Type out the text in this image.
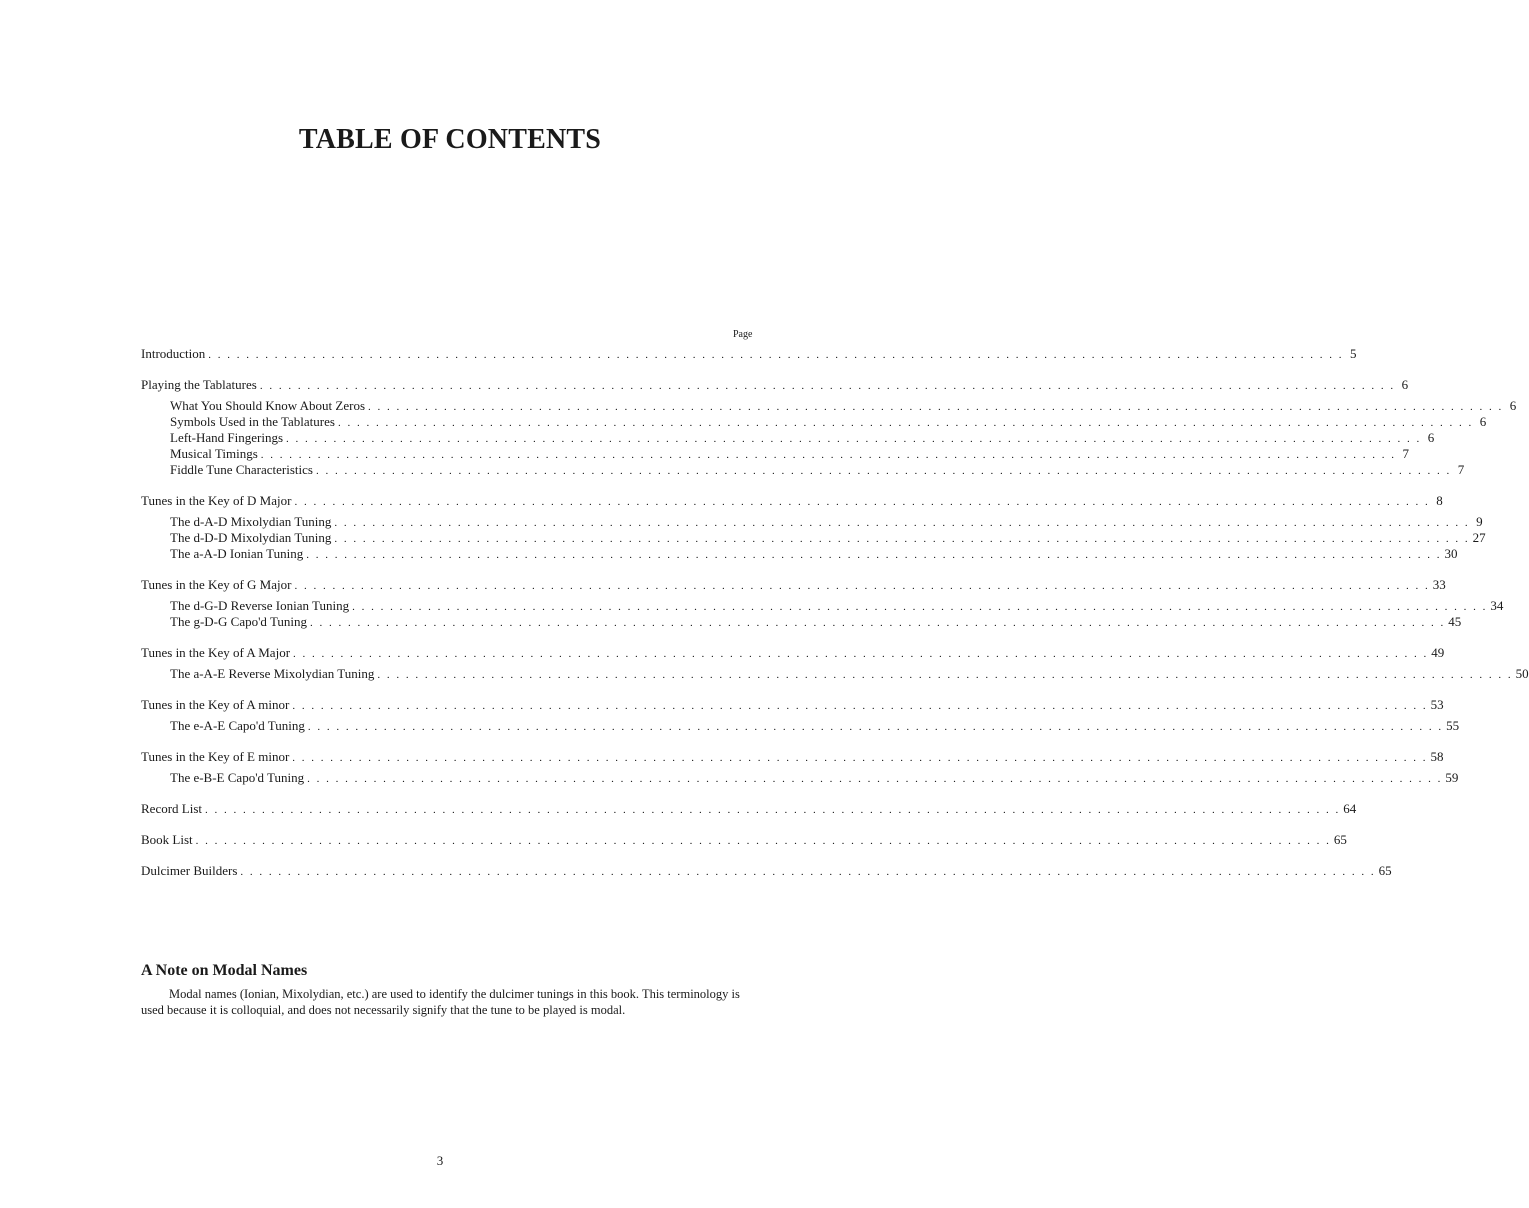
TABLE OF CONTENTS
Page
Introduction . . . . . . . . . . . . . . . . . . . . . . . . . . . . . . . . . . . . . . . . . . . . . . . . . . . . . . . . . . . . . . . . . . . . . . . . . . . . . . . . . . . . . . . . . . . . . . . . . . . . . . . . . . . . . . . . . . . . . . . . 5
Playing the Tablatures . . . . . . . . . . . . . . . . . . . . . . . . . . . . . . . . . . . . . . . . . . . . . . . . . . . . . . . . . . . . . . . . . . . . . . . . . . . . . . . . . . . . . . . . . . . . . . . . . . . . . . . . . . . . . . . . . . . . . . . . 6
What You Should Know About Zeros . . . . . . . . . . . . . . . . . . . . . . . . . . . . . . . . . . . . . . . . . . . . . . . . . . . . . . . . . . . . . . . . . . . . . . . . . . . . . . . . . . . . . . . . . . . . . . . . . . . . . . . . . . . . . . . . . . . . . . . . 6
Symbols Used in the Tablatures . . . . . . . . . . . . . . . . . . . . . . . . . . . . . . . . . . . . . . . . . . . . . . . . . . . . . . . . . . . . . . . . . . . . . . . . . . . . . . . . . . . . . . . . . . . . . . . . . . . . . . . . . . . . . . . . . . . . . . . . 6
Left-Hand Fingerings . . . . . . . . . . . . . . . . . . . . . . . . . . . . . . . . . . . . . . . . . . . . . . . . . . . . . . . . . . . . . . . . . . . . . . . . . . . . . . . . . . . . . . . . . . . . . . . . . . . . . . . . . . . . . . . . . . . . . . . . 6
Musical Timings . . . . . . . . . . . . . . . . . . . . . . . . . . . . . . . . . . . . . . . . . . . . . . . . . . . . . . . . . . . . . . . . . . . . . . . . . . . . . . . . . . . . . . . . . . . . . . . . . . . . . . . . . . . . . . . . . . . . . . . . 7
Fiddle Tune Characteristics . . . . . . . . . . . . . . . . . . . . . . . . . . . . . . . . . . . . . . . . . . . . . . . . . . . . . . . . . . . . . . . . . . . . . . . . . . . . . . . . . . . . . . . . . . . . . . . . . . . . . . . . . . . . . . . . . . . . . . . . 7
Tunes in the Key of D Major . . . . . . . . . . . . . . . . . . . . . . . . . . . . . . . . . . . . . . . . . . . . . . . . . . . . . . . . . . . . . . . . . . . . . . . . . . . . . . . . . . . . . . . . . . . . . . . . . . . . . . . . . . . . . . . . . . . . . . . . 8
The d-A-D Mixolydian Tuning . . . . . . . . . . . . . . . . . . . . . . . . . . . . . . . . . . . . . . . . . . . . . . . . . . . . . . . . . . . . . . . . . . . . . . . . . . . . . . . . . . . . . . . . . . . . . . . . . . . . . . . . . . . . . . . . . . . . . . . . 9
The d-D-D Mixolydian Tuning . . . . . . . . . . . . . . . . . . . . . . . . . . . . . . . . . . . . . . . . . . . . . . . . . . . . . . . . . . . . . . . . . . . . . . . . . . . . . . . . . . . . . . . . . . . . . . . . . . . . . . . . . . . . . . . . . . . . . . . . 27
The a-A-D Ionian Tuning . . . . . . . . . . . . . . . . . . . . . . . . . . . . . . . . . . . . . . . . . . . . . . . . . . . . . . . . . . . . . . . . . . . . . . . . . . . . . . . . . . . . . . . . . . . . . . . . . . . . . . . . . . . . . . . . . . . . . . . . 30
Tunes in the Key of G Major . . . . . . . . . . . . . . . . . . . . . . . . . . . . . . . . . . . . . . . . . . . . . . . . . . . . . . . . . . . . . . . . . . . . . . . . . . . . . . . . . . . . . . . . . . . . . . . . . . . . . . . . . . . . . . . . . . . . . . . . 33
The d-G-D Reverse Ionian Tuning . . . . . . . . . . . . . . . . . . . . . . . . . . . . . . . . . . . . . . . . . . . . . . . . . . . . . . . . . . . . . . . . . . . . . . . . . . . . . . . . . . . . . . . . . . . . . . . . . . . . . . . . . . . . . . . . . . . . . . . . 34
The g-D-G Capo'd Tuning . . . . . . . . . . . . . . . . . . . . . . . . . . . . . . . . . . . . . . . . . . . . . . . . . . . . . . . . . . . . . . . . . . . . . . . . . . . . . . . . . . . . . . . . . . . . . . . . . . . . . . . . . . . . . . . . . . . . . . . . 45
Tunes in the Key of A Major . . . . . . . . . . . . . . . . . . . . . . . . . . . . . . . . . . . . . . . . . . . . . . . . . . . . . . . . . . . . . . . . . . . . . . . . . . . . . . . . . . . . . . . . . . . . . . . . . . . . . . . . . . . . . . . . . . . . . . . . 49
The a-A-E Reverse Mixolydian Tuning . . . . . . . . . . . . . . . . . . . . . . . . . . . . . . . . . . . . . . . . . . . . . . . . . . . . . . . . . . . . . . . . . . . . . . . . . . . . . . . . . . . . . . . . . . . . . . . . . . . . . . . . . . . . . . . . . . . . . . . . 50
Tunes in the Key of A minor . . . . . . . . . . . . . . . . . . . . . . . . . . . . . . . . . . . . . . . . . . . . . . . . . . . . . . . . . . . . . . . . . . . . . . . . . . . . . . . . . . . . . . . . . . . . . . . . . . . . . . . . . . . . . . . . . . . . . . . . 53
The e-A-E Capo'd Tuning . . . . . . . . . . . . . . . . . . . . . . . . . . . . . . . . . . . . . . . . . . . . . . . . . . . . . . . . . . . . . . . . . . . . . . . . . . . . . . . . . . . . . . . . . . . . . . . . . . . . . . . . . . . . . . . . . . . . . . . . 55
Tunes in the Key of E minor . . . . . . . . . . . . . . . . . . . . . . . . . . . . . . . . . . . . . . . . . . . . . . . . . . . . . . . . . . . . . . . . . . . . . . . . . . . . . . . . . . . . . . . . . . . . . . . . . . . . . . . . . . . . . . . . . . . . . . . . 58
The e-B-E Capo'd Tuning . . . . . . . . . . . . . . . . . . . . . . . . . . . . . . . . . . . . . . . . . . . . . . . . . . . . . . . . . . . . . . . . . . . . . . . . . . . . . . . . . . . . . . . . . . . . . . . . . . . . . . . . . . . . . . . . . . . . . . . . 59
Record List . . . . . . . . . . . . . . . . . . . . . . . . . . . . . . . . . . . . . . . . . . . . . . . . . . . . . . . . . . . . . . . . . . . . . . . . . . . . . . . . . . . . . . . . . . . . . . . . . . . . . . . . . . . . . . . . . . . . . . . . 64
Book List . . . . . . . . . . . . . . . . . . . . . . . . . . . . . . . . . . . . . . . . . . . . . . . . . . . . . . . . . . . . . . . . . . . . . . . . . . . . . . . . . . . . . . . . . . . . . . . . . . . . . . . . . . . . . . . . . . . . . . . . 65
Dulcimer Builders . . . . . . . . . . . . . . . . . . . . . . . . . . . . . . . . . . . . . . . . . . . . . . . . . . . . . . . . . . . . . . . . . . . . . . . . . . . . . . . . . . . . . . . . . . . . . . . . . . . . . . . . . . . . . . . . . . . . . . . . 65
A Note on Modal Names
Modal names (Ionian, Mixolydian, etc.) are used to identify the dulcimer tunings in this book. This terminology is used because it is colloquial, and does not necessarily signify that the tune to be played is modal.
3
